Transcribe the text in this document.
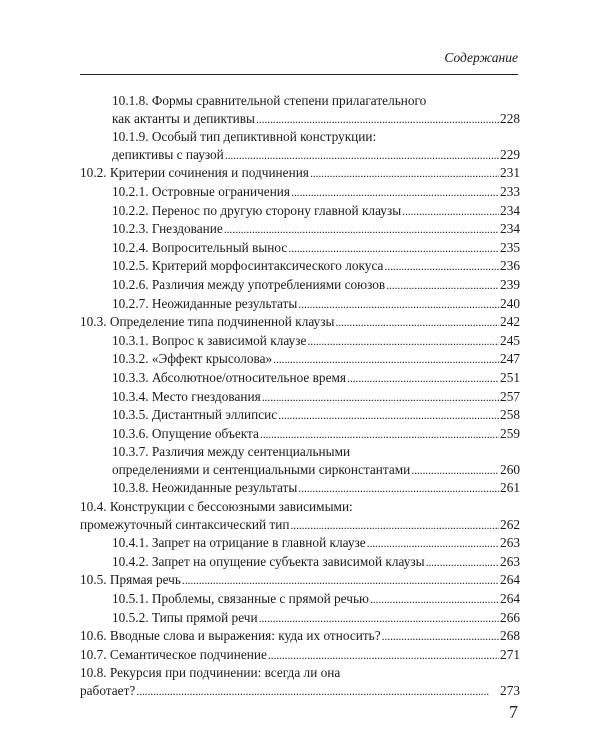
Содержание
10.1.8. Формы сравнительной степени прилагательного
как актанты и депиктивы . . .	228
10.1.9. Особый тип депиктивной конструкции:
депиктивы с паузой . . .	229
10.2. Критерии сочинения и подчинения . . .	231
10.2.1. Островные ограничения . . .	233
10.2.2. Перенос по другую сторону главной клаузы . . .	234
10.2.3. Гнездование . . .	234
10.2.4. Вопросительный вынос . . .	235
10.2.5. Критерий морфосинтаксического локуса . . .	236
10.2.6. Различия между употреблениями союзов . . .	239
10.2.7. Неожиданные результаты . . .	240
10.3. Определение типа подчиненной клаузы . . .	242
10.3.1. Вопрос к зависимой клаузе . . .	245
10.3.2. «Эффект крысолова» . . .	247
10.3.3. Абсолютное/относительное время . . .	251
10.3.4. Место гнездования . . .	257
10.3.5. Дистантный эллипсис . . .	258
10.3.6. Опущение объекта . . .	259
10.3.7. Различия между сентенциальными
определениями и сентенциальными сирконстантами . . .	260
10.3.8. Неожиданные результаты . . .	261
10.4. Конструкции с бессоюзными зависимыми:
промежуточный синтаксический тип . . .	262
10.4.1. Запрет на отрицание в главной клаузе . . .	263
10.4.2. Запрет на опущение субъекта зависимой клаузы . . .	263
10.5. Прямая речь . . .	264
10.5.1. Проблемы, связанные с прямой речью . . .	264
10.5.2. Типы прямой речи . . .	266
10.6. Вводные слова и выражения: куда их относить? . . .	268
10.7. Семантическое подчинение . . .	271
10.8. Рекурсия при подчинении: всегда ли она
работает? . . .	273
7
